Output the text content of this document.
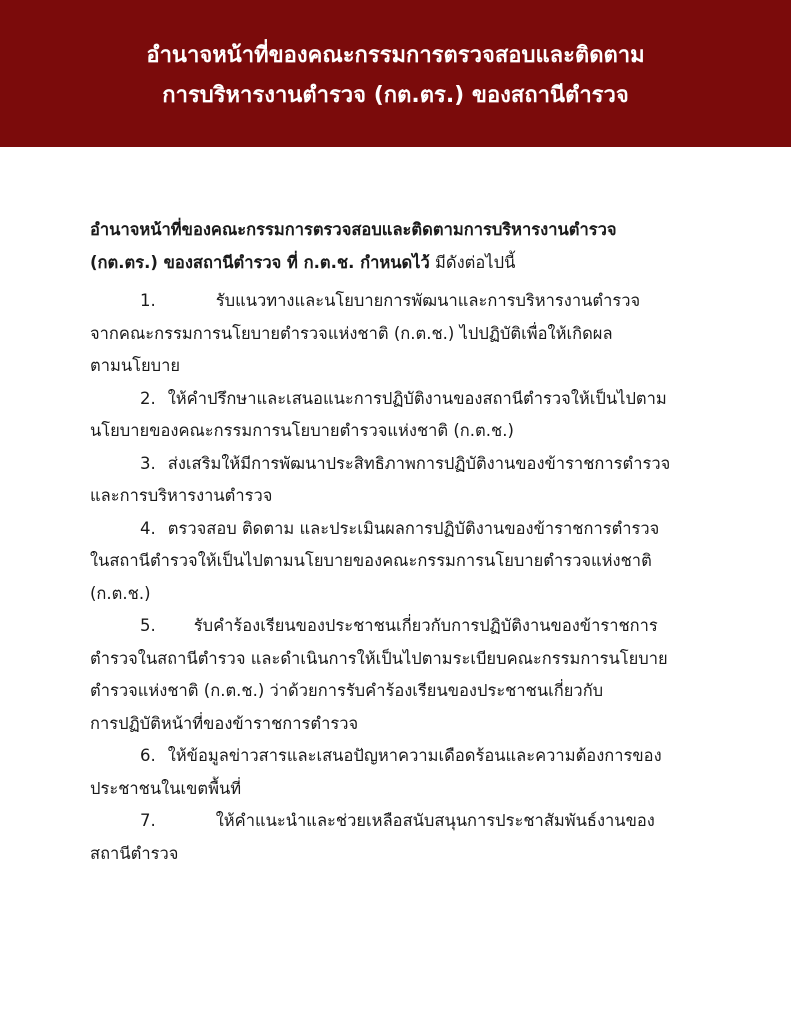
อำนาจหน้าที่ของคณะกรรมการตรวจสอบและติดตาม
การบริหารงานตำรวจ (กต.ตร.) ของสถานีตำรวจ

อำนาจหน้าที่ของคณะกรรมการตรวจสอบและติดตามการบริหารงานตำรวจ
(กต.ตร.) ของสถานีตำรวจ ที่ ก.ต.ช. กำหนดไว้ มีดังต่อไปนี้

1.	รับแนวทางและนโยบายการพัฒนาและการบริหารงานตำรวจ
จากคณะกรรมการนโยบายตำรวจแห่งชาติ (ก.ต.ช.) ไปปฏิบัติเพื่อให้เกิดผล
ตามนโยบาย
2. ให้คำปรึกษาและเสนอแนะการปฏิบัติงานของสถานีตำรวจให้เป็นไปตาม
นโยบายของคณะกรรมการนโยบายตำรวจแห่งชาติ (ก.ต.ช.)
3. ส่งเสริมให้มีการพัฒนาประสิทธิภาพการปฏิบัติงานของข้าราชการตำรวจ
และการบริหารงานตำรวจ
4. ตรวจสอบ ติดตาม และประเมินผลการปฏิบัติงานของข้าราชการตำรวจ
ในสถานีตำรวจให้เป็นไปตามนโยบายของคณะกรรมการนโยบายตำรวจแห่งชาติ
(ก.ต.ช.)
5. รับคำร้องเรียนของประชาชนเกี่ยวกับการปฏิบัติงานของข้าราชการ
ตำรวจในสถานีตำรวจ และดำเนินการให้เป็นไปตามระเบียบคณะกรรมการนโยบาย
ตำรวจแห่งชาติ (ก.ต.ช.) ว่าด้วยการรับคำร้องเรียนของประชาชนเกี่ยวกับ
การปฏิบัติหน้าที่ของข้าราชการตำรวจ
6. ให้ข้อมูลข่าวสารและเสนอปัญหาความเดือดร้อนและความต้องการของ
ประชาชนในเขตพื้นที่
7.	ให้คำแนะนำและช่วยเหลือสนับสนุนการประชาสัมพันธ์งานของ
สถานีตำรวจ
